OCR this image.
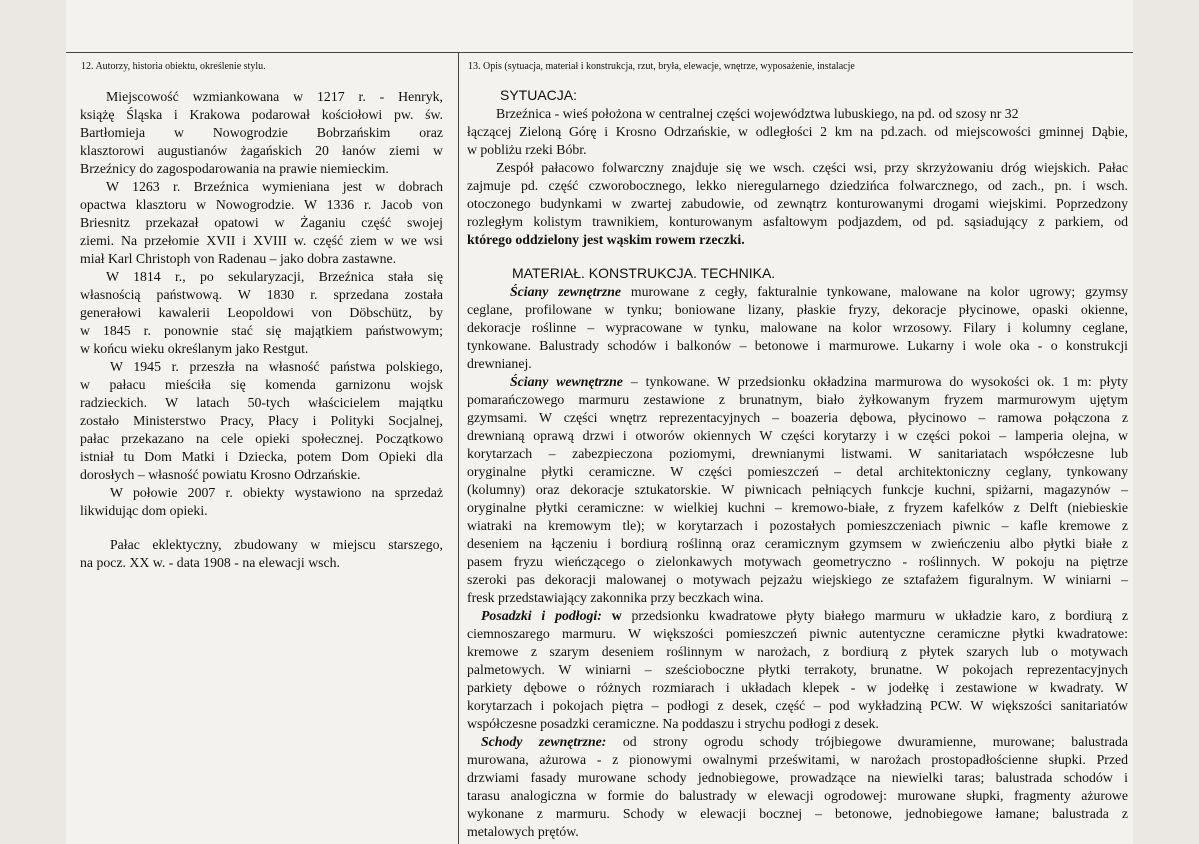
12. Autorzy, historia obiektu, określenie stylu.	13. Opis (sytuacja, materiał i konstrukcja, rzut, bryła, elewacje, wnętrze, wyposażenie, instalacje
Miejscowość wzmiankowana w 1217 r. - Henryk,
książę Śląska i Krakowa podarował kościołowi pw. św.
Bartłomieja w Nowogrodzie Bobrzańskim oraz
klasztorowi augustianów żagańskich 20 łanów ziemi w
Brzeźnicy do zagospodarowania na prawie niemieckim.
W 1263 r. Brzeźnica wymieniana jest w dobrach
opactwa klasztoru w Nowogrodzie. W 1336 r. Jacob von
Briesnitz przekazał opatowi w Żaganiu część swojej
ziemi. Na przełomie XVII i XVIII w. część ziem w we wsi
miał Karl Christoph von Radenau – jako dobra zastawne.
W 1814 r., po sekularyzacji, Brzeźnica stała się
własnością państwową. W 1830 r. sprzedana została
generałowi kawalerii Leopoldowi von Döbschütz, by
w 1845 r. ponownie stać się majątkiem państwowym;
w końcu wieku określanym jako Restgut.
W 1945 r. przeszła na własność państwa polskiego,
w pałacu mieściła się komenda garnizonu wojsk
radzieckich. W latach 50-tych właścicielem majątku
zostało Ministerstwo Pracy, Płacy i Polityki Socjalnej,
pałac przekazano na cele opieki społecznej. Początkowo
istniał tu Dom Matki i Dziecka, potem Dom Opieki dla
dorosłych – własność powiatu Krosno Odrzańskie.
W połowie 2007 r. obiekty wystawiono na sprzedaż
likwidując dom opieki.
Pałac eklektyczny, zbudowany w miejscu starszego,
na pocz. XX w. - data 1908 - na elewacji wsch.
SYTUACJA:
Brzeźnica - wieś położona w centralnej części województwa lubuskiego, na pd. od szosy nr 32
łączącej Zieloną Górę i Krosno Odrzańskie, w odległości 2 km na pd.zach. od miejscowości gminnej Dąbie,
w pobliżu rzeki Bóbr.
Zespół pałacowo folwarczny znajduje się we wsch. części wsi, przy skrzyżowaniu dróg wiejskich. Pałac
zajmuje pd. część czworobocznego, lekko nieregularnego dziedzińca folwarcznego, od zach., pn. i wsch.
otoczonego budynkami w zwartej zabudowie, od zewnątrz konturowanymi drogami wiejskimi. Poprzedzony
rozległym kolistym trawnikiem, konturowanym asfaltowym podjazdem, od pd. sąsiadujący z parkiem, od
którego oddzielony jest wąskim rowem rzeczki.
MATERIAŁ. KONSTRUKCJA. TECHNIKA.
Ściany zewnętrzne murowane z cegły, fakturalnie tynkowane, malowane na kolor ugrowy; gzymsy
ceglane, profilowane w tynku; boniowane lizany, płaskie fryzy, dekoracje płycinowe, opaski okienne,
dekoracje roślinne – wypracowane w tynku, malowane na kolor wrzosowy. Filary i kolumny ceglane,
tynkowane. Balustrady schodów i balkonów – betonowe i marmurowe. Lukarny i wole oka - o konstrukcji
drewnianej.
Ściany wewnętrzne – tynkowane. W przedsionku okładzina marmurowa do wysokości ok. 1 m: płyty
pomarańczowego marmuru zestawione z brunatnym, biało żyłkowanym fryzem marmurowym ujętym
gzymsami. W części wnętrz reprezentacyjnych – boazeria dębowa, płycinowo – ramowa połączona z
drewnianą oprawą drzwi i otworów okiennych W części korytarzy i w części pokoi – lamperia olejna, w
korytarzach – zabezpieczona poziomymi, drewnianymi listwami. W sanitariatach współczesne lub
oryginalne płytki ceramiczne. W części pomieszczeń – detal architektoniczny ceglany, tynkowany
(kolumny) oraz dekoracje sztukatorskie. W piwnicach pełniących funkcje kuchni, spiżarni, magazynów –
oryginalne płytki ceramiczne: w wielkiej kuchni – kremowo-białe, z fryzem kafelków z Delft (niebieskie
wiatraki na kremowym tle); w korytarzach i pozostałych pomieszczeniach piwnic – kafle kremowe z
deseniem na łączeniu i bordiurą roślinną oraz ceramicznym gzymsem w zwieńczeniu albo płytki białe z
pasem fryzu wieńczącego o zielonkawych motywach geometryczno - roślinnych. W pokoju na piętrze
szeroki pas dekoracji malowanej o motywach pejzażu wiejskiego ze sztafażem figuralnym. W winiarni –
fresk przedstawiający zakonnika przy beczkach wina.
Posadzki i podłogi: w przedsionku kwadratowe płyty białego marmuru w układzie karo, z bordiurą z
ciemnoszarego marmuru. W większości pomieszczeń piwnic autentyczne ceramiczne płytki kwadratowe:
kremowe z szarym deseniem roślinnym w narożach, z bordiurą z płytek szarych lub o motywach
palmetowych. W winiarni – sześcioboczne płytki terrakoty, brunatne. W pokojach reprezentacyjnych
parkiety dębowe o różnych rozmiarach i układach klepek - w jodełkę i zestawione w kwadraty. W
korytarzach i pokojach piętra – podłogi z desek, część – pod wykładziną PCW. W większości sanitariatów
współczesne posadzki ceramiczne. Na poddaszu i strychu podłogi z desek.
Schody zewnętrzne: od strony ogrodu schody trójbiegowe dwuramienne, murowane; balustrada
murowana, ażurowa - z pionowymi owalnymi prześwitami, w narożach prostopadłościenne słupki. Przed
drzwiami fasady murowane schody jednobiegowe, prowadzące na niewielki taras; balustrada schodów i
tarasu analogiczna w formie do balustrady w elewacji ogrodowej: murowane słupki, fragmenty ażurowe
wykonane z marmuru. Schody w elewacji bocznej – betonowe, jednobiegowe łamane; balustrada z
metalowych prętów.
